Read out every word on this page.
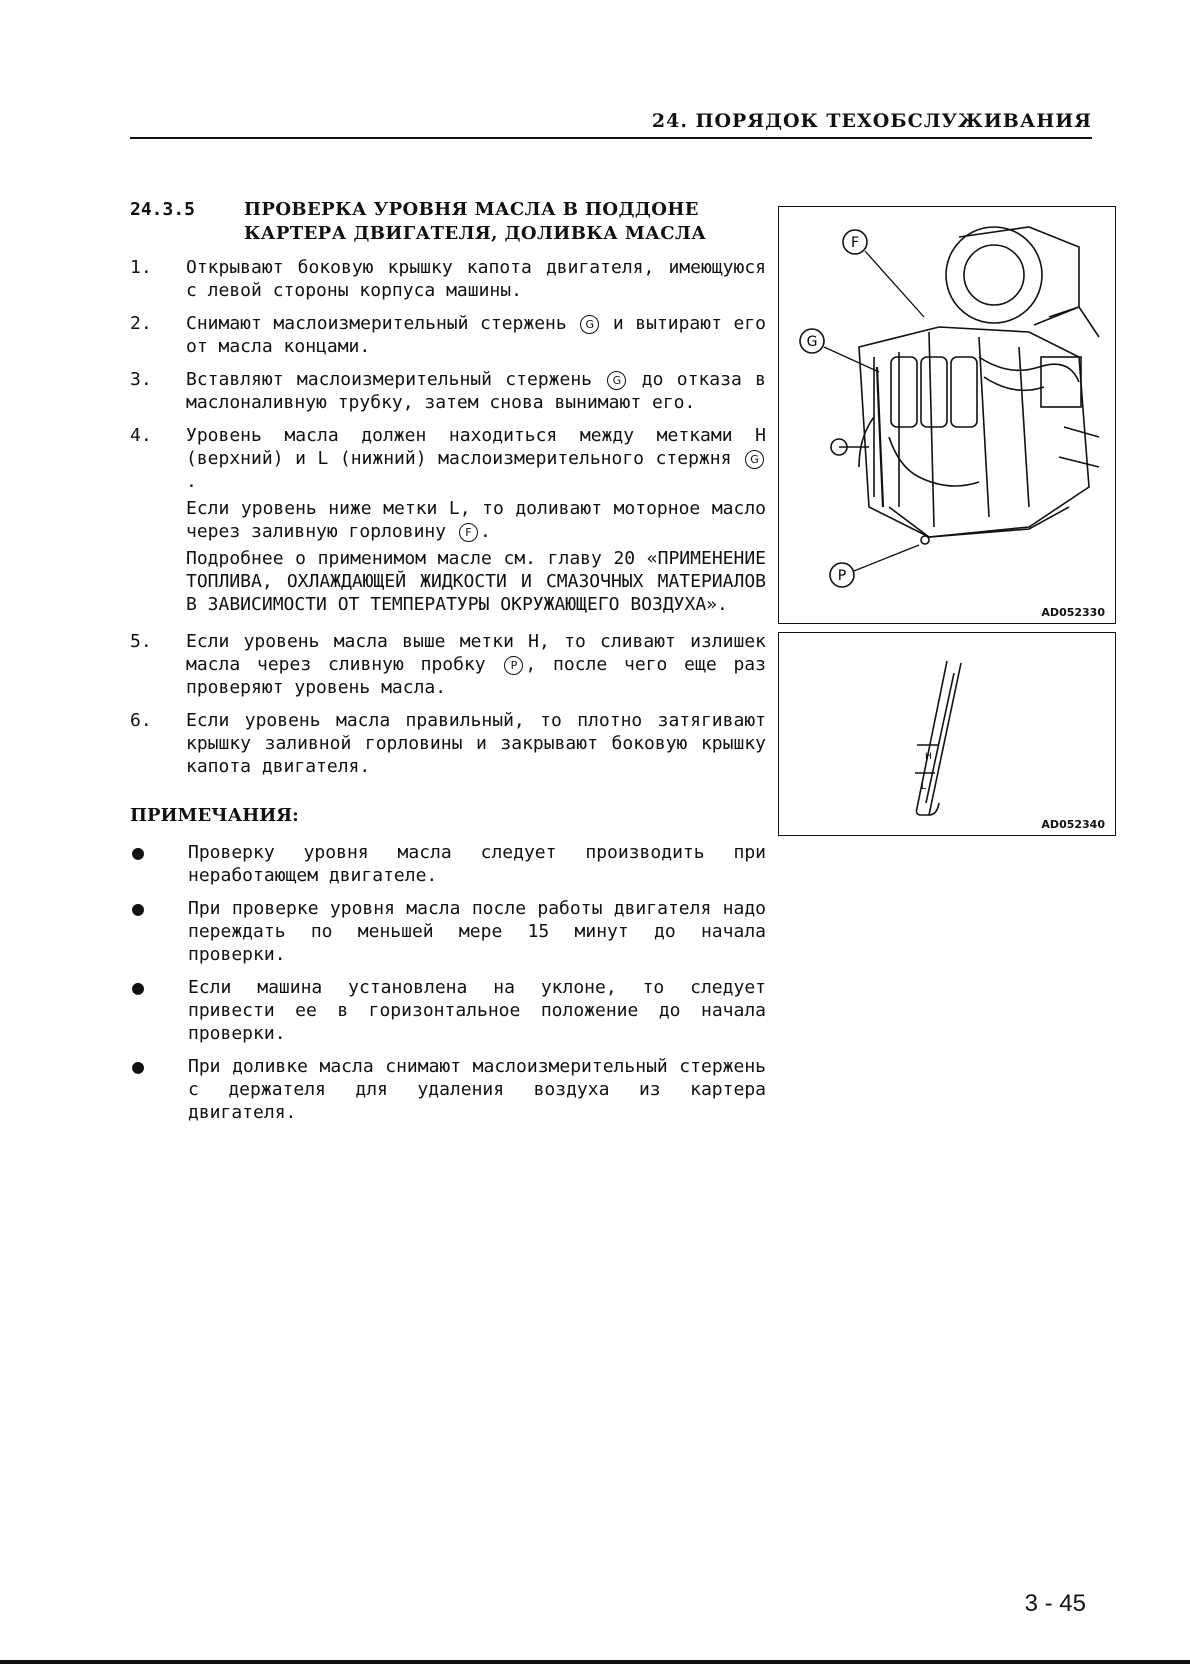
24. ПОРЯДОК ТЕХОБСЛУЖИВАНИЯ
24.3.5	ПРОВЕРКА УРОВНЯ МАСЛА В ПОДДОНЕ КАРТЕРА ДВИГАТЕЛЯ, ДОЛИВКА МАСЛА
1.	Открывают боковую крышку капота двигателя, имеющуюся с левой стороны корпуса машины.
2.	Снимают маслоизмерительный стержень G и вытирают его от масла концами.
3.	Вставляют маслоизмерительный стержень G до отказа в маслоналивную трубку, затем снова вынимают его.
4.	Уровень масла должен находиться между метками H (верхний) и L (нижний) маслоизмерительного стержня G.
Если уровень ниже метки L, то доливают моторное масло через заливную горловину F .
Подробнее о применимом масле см. главу 20 «ПРИМЕНЕНИЕ ТОПЛИВА, ОХЛАЖДАЮЩЕЙ ЖИДКОСТИ И СМАЗОЧНЫХ МАТЕРИАЛОВ В ЗАВИСИМОСТИ ОТ ТЕМПЕРАТУРЫ ОКРУЖАЮЩЕГО ВОЗДУХА».
5.	Если уровень масла выше метки H, то сливают излишек масла через сливную пробку P , после чего еще раз проверяют уровень масла.
6.	Если уровень масла правильный, то плотно затягивают крышку заливной горловины и закрывают боковую крышку капота двигателя.
ПРИМЕЧАНИЯ:
●	Проверку уровня масла следует производить при неработающем двигателе.
●	При проверке уровня масла после работы двигателя надо переждать по меньшей мере 15 минут до начала проверки.
●	Если машина установлена на уклоне, то следует привести ее в горизонтальное положение до начала проверки.
●	При доливке масла снимают маслоизмерительный стержень с держателя для удаления воздуха из картера двигателя.
F
G
P
AD052330
H
L
AD052340
3 - 45
